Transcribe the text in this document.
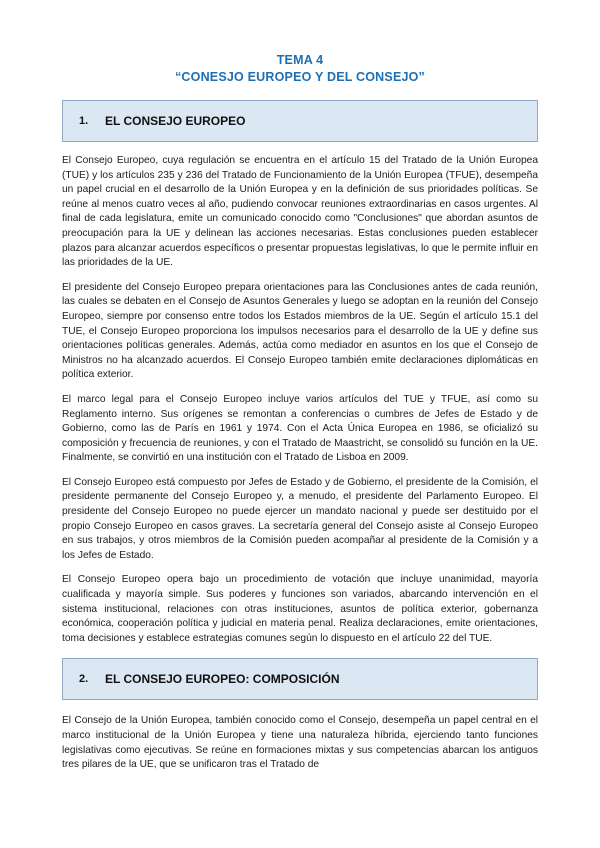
TEMA 4
“CONESJO EUROPEO Y DEL CONSEJO”
1.	EL CONSEJO EUROPEO

El Consejo Europeo, cuya regulación se encuentra en el artículo 15 del Tratado de la Unión Europea (TUE) y los artículos 235 y 236 del Tratado de Funcionamiento de la Unión Europea (TFUE), desempeña un papel crucial en el desarrollo de la Unión Europea y en la definición de sus prioridades políticas. Se reúne al menos cuatro veces al año, pudiendo convocar reuniones extraordinarias en casos urgentes. Al final de cada legislatura, emite un comunicado conocido como "Conclusiones" que abordan asuntos de preocupación para la UE y delinean las acciones necesarias. Estas conclusiones pueden establecer plazos para alcanzar acuerdos específicos o presentar propuestas legislativas, lo que le permite influir en las prioridades de la UE.

El presidente del Consejo Europeo prepara orientaciones para las Conclusiones antes de cada reunión, las cuales se debaten en el Consejo de Asuntos Generales y luego se adoptan en la reunión del Consejo Europeo, siempre por consenso entre todos los Estados miembros de la UE. Según el artículo 15.1 del TUE, el Consejo Europeo proporciona los impulsos necesarios para el desarrollo de la UE y define sus orientaciones políticas generales. Además, actúa como mediador en asuntos en los que el Consejo de Ministros no ha alcanzado acuerdos. El Consejo Europeo también emite declaraciones diplomáticas en política exterior.

El marco legal para el Consejo Europeo incluye varios artículos del TUE y TFUE, así como su Reglamento interno. Sus orígenes se remontan a conferencias o cumbres de Jefes de Estado y de Gobierno, como las de París en 1961 y 1974. Con el Acta Única Europea en 1986, se oficializó su composición y frecuencia de reuniones, y con el Tratado de Maastricht, se consolidó su función en la UE. Finalmente, se convirtió en una institución con el Tratado de Lisboa en 2009.

El Consejo Europeo está compuesto por Jefes de Estado y de Gobierno, el presidente de la Comisión, el presidente permanente del Consejo Europeo y, a menudo, el presidente del Parlamento Europeo. El presidente del Consejo Europeo no puede ejercer un mandato nacional y puede ser destituido por el propio Consejo Europeo en casos graves. La secretaría general del Consejo asiste al Consejo Europeo en sus trabajos, y otros miembros de la Comisión pueden acompañar al presidente de la Comisión y a los Jefes de Estado.

El Consejo Europeo opera bajo un procedimiento de votación que incluye unanimidad, mayoría cualificada y mayoría simple. Sus poderes y funciones son variados, abarcando intervención en el sistema institucional, relaciones con otras instituciones, asuntos de política exterior, gobernanza económica, cooperación política y judicial en materia penal. Realiza declaraciones, emite orientaciones, toma decisiones y establece estrategias comunes según lo dispuesto en el artículo 22 del TUE.

2.	EL CONSEJO EUROPEO: COMPOSICIÓN

El Consejo de la Unión Europea, también conocido como el Consejo, desempeña un papel central en el marco institucional de la Unión Europea y tiene una naturaleza híbrida, ejerciendo tanto funciones legislativas como ejecutivas. Se reúne en formaciones mixtas y sus competencias abarcan los antiguos tres pilares de la UE, que se unificaron tras el Tratado de
